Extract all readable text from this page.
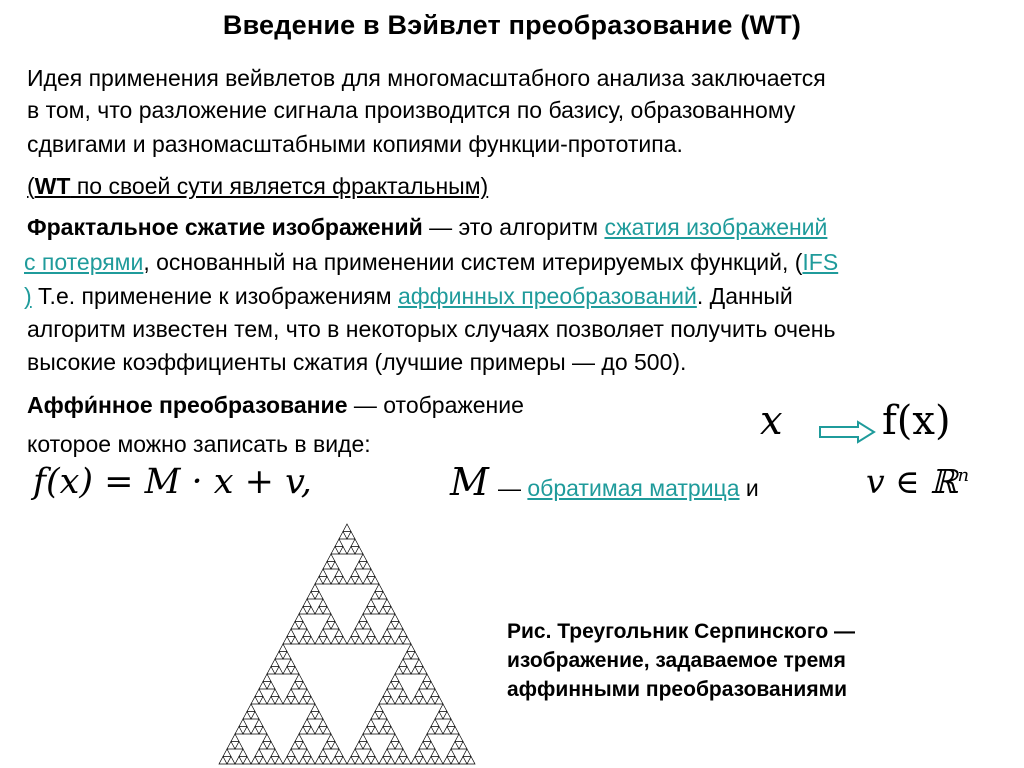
Введение в Вэйвлет преобразование (WT)
Идея применения вейвлетов для многомасштабного анализа заключается
в том, что разложение сигнала производится по базису, образованному
сдвигами и разномасштабными копиями функции-прототипа.
(WT по своей сути является фрактальным)
Фрактальное сжатие изображений — это алгоритм сжатия изображений
с потерями, основанный на применении систем итерируемых функций, (IFS
) Т.е. применение к изображениям аффинных преобразований. Данный
алгоритм известен тем, что в некоторых случаях позволяет получить очень
высокие коэффициенты сжатия (лучшие примеры — до 500).
Аффи́нное преобразование — отображение
которое можно записать в виде:	x f(x)
f(x) = M · x + v,	M — обратимая матрица и	v ∈ ℝ$^n$
Рис. Треугольник Серпинского —
изображение, задаваемое тремя
аффинными преобразованиями
